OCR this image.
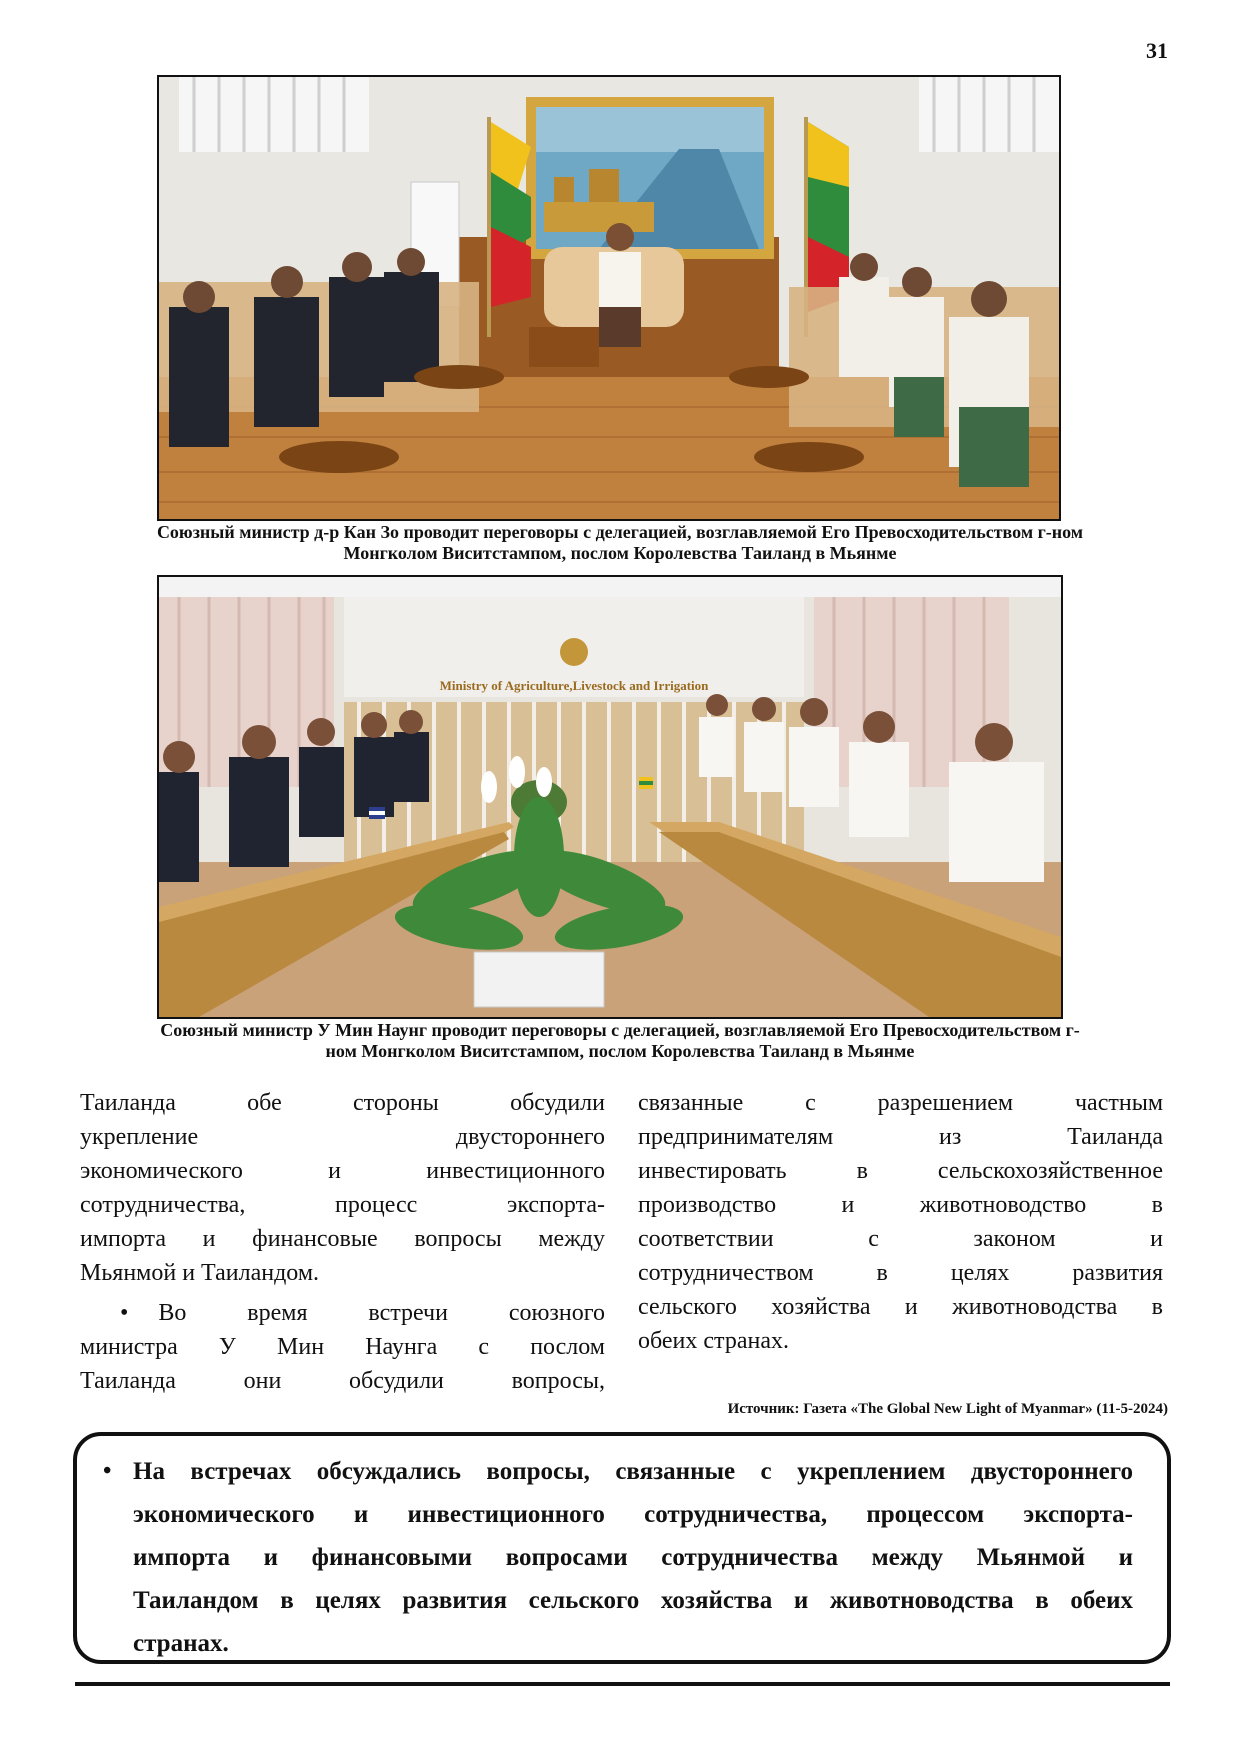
31
Союзный министр д-р Кан Зо проводит переговоры с делегацией, возглавляемой Его Превосходительством г-ном
Монгколом Виситстампом, послом Королевства Таиланд в Мьянме
Ministry of Agriculture,Livestock and Irrigation
Союзный министр У Мин Наунг проводит переговоры с делегацией, возглавляемой Его Превосходительством г-
ном Монгколом Виситстампом, послом Королевства Таиланд в Мьянме

Таиланда обе стороны обсудили
укрепление двустороннего
экономического и инвестиционного
сотрудничества, процесс экспорта-
импорта и финансовые вопросы между
Мьянмой и Таиландом.

• Во время встречи союзного
министра У Мин Наунга с послом
Таиланда они обсудили вопросы,

связанные с разрешением частным
предпринимателям из Таиланда
инвестировать в сельскохозяйственное
производство и животноводство в
соответствии с законом и
сотрудничеством в целях развития
сельского хозяйства и животноводства в
обеих странах.

Источник: Газета «The Global New Light of Myanmar» (11-5-2024)
• На встречах обсуждались вопросы, связанные с укреплением двустороннего
экономического и инвестиционного сотрудничества, процессом экспорта-
импорта и финансовыми вопросами сотрудничества между Мьянмой и
Таиландом в целях развития сельского хозяйства и животноводства в обеих
странах.
